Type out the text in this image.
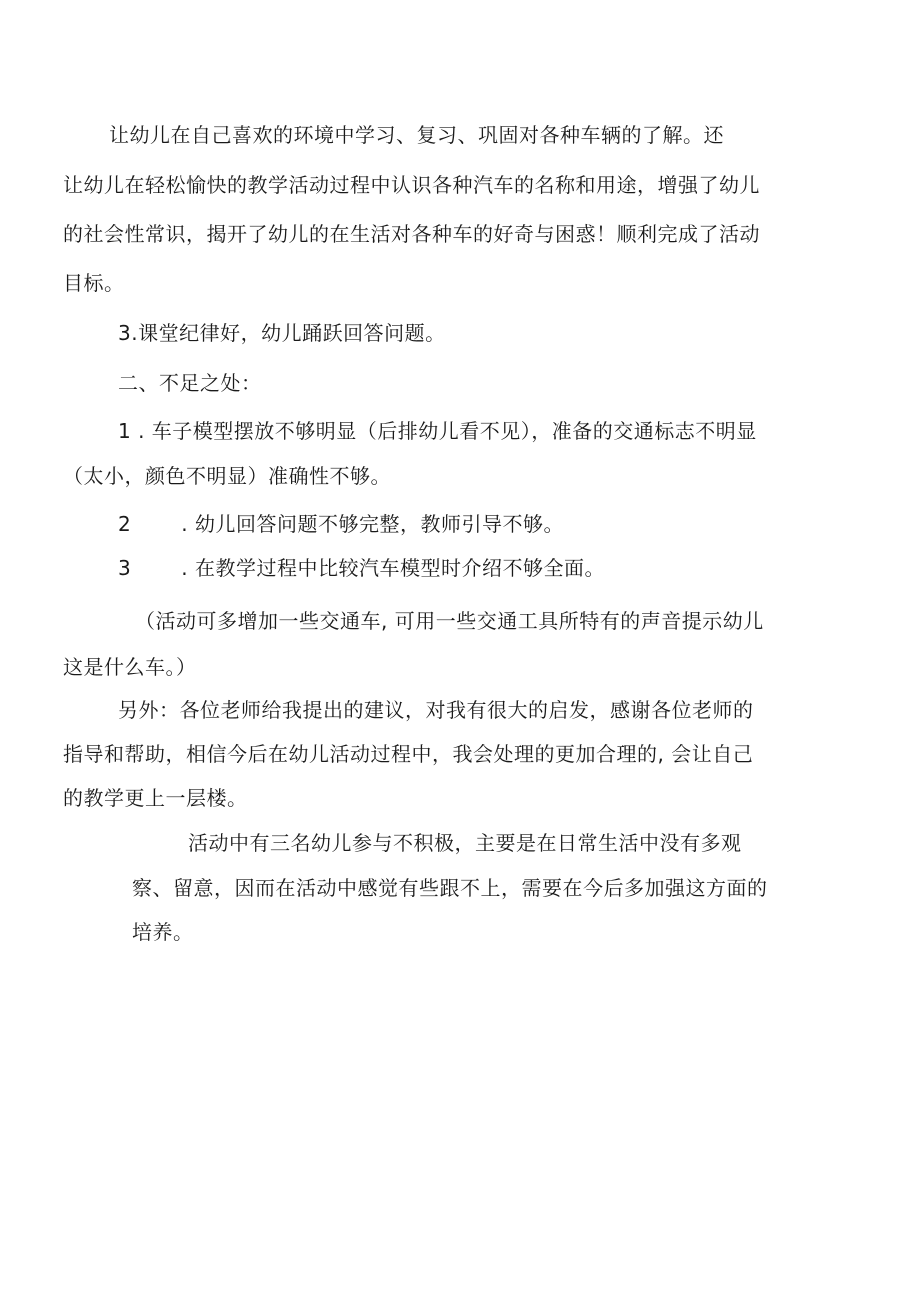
让幼儿在自己喜欢的环境中学习、复习、巩固对各种车辆的了解。还

让幼儿在轻松愉快的教学活动过程中认识各种汽车的名称和用途，增强了幼儿

的社会性常识，揭开了幼儿的在生活对各种车的好奇与困惑！顺利完成了活动

目标。

3.课堂纪律好，幼儿踊跃回答问题。

二、不足之处：

1 . 车子模型摆放不够明显（后排幼儿看不见），准备的交通标志不明显

（太小，颜色不明显）准确性不够。

2	. 幼儿回答问题不够完整，教师引导不够。

3	. 在教学过程中比较汽车模型时介绍不够全面。

（活动可多增加一些交通车, 可用一些交通工具所特有的声音提示幼儿

这是什么车。）

另外：各位老师给我提出的建议，对我有很大的启发，感谢各位老师的

指导和帮助，相信今后在幼儿活动过程中，我会处理的更加合理的, 会让自己

的教学更上一层楼。

活动中有三名幼儿参与不积极，主要是在日常生活中没有多观

察、留意，因而在活动中感觉有些跟不上，需要在今后多加强这方面的

培养。
